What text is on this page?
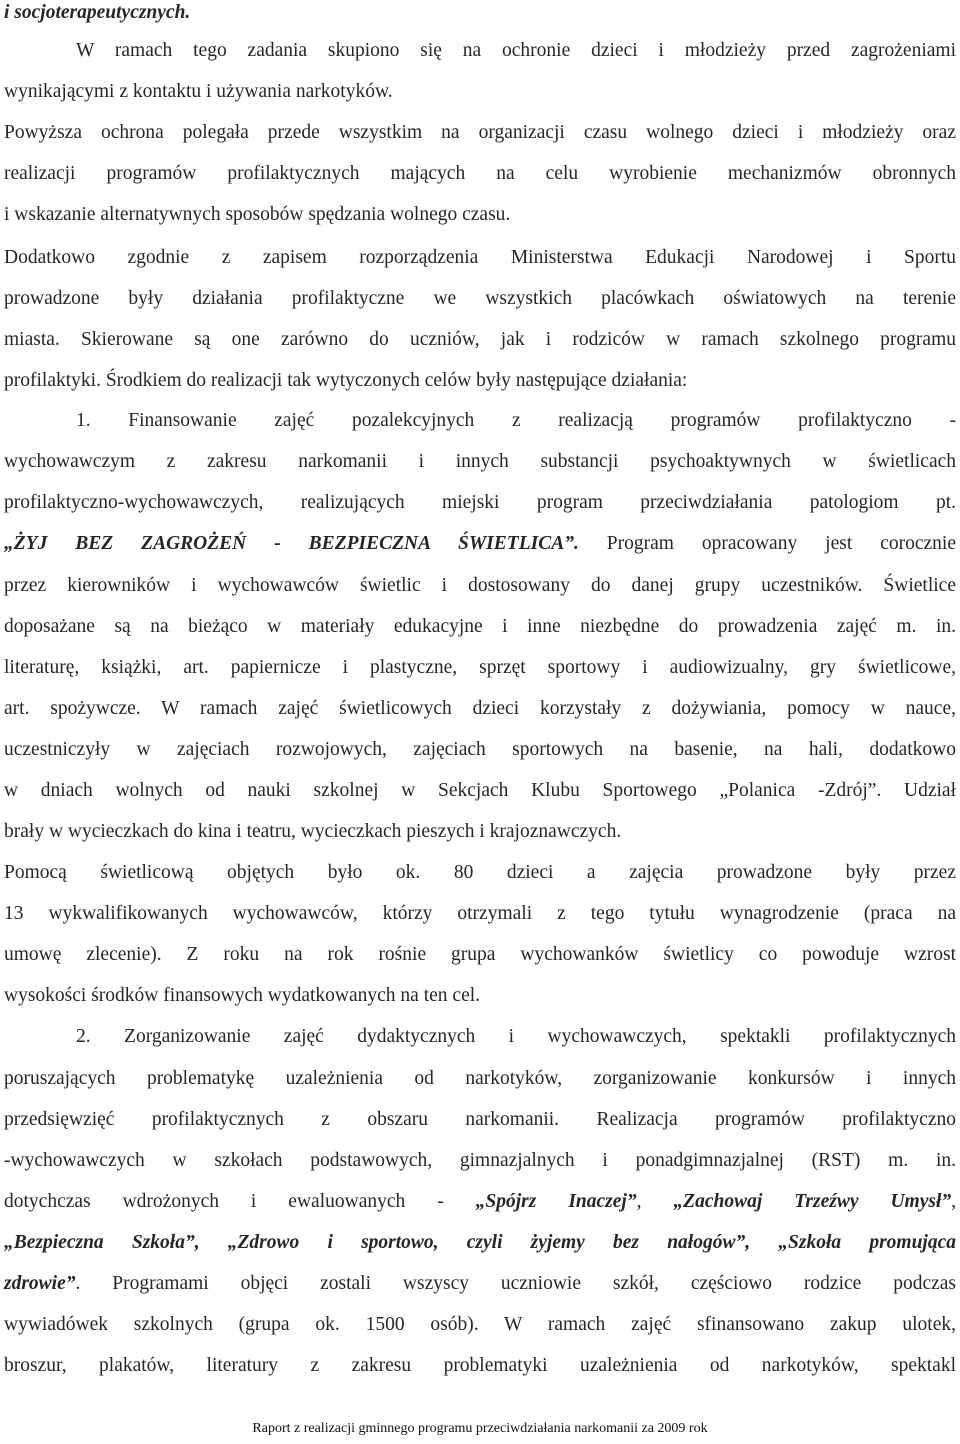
i socjoterapeutycznych.
W ramach tego zadania skupiono się na ochronie dzieci i młodzieży przed zagrożeniami
wynikającymi z kontaktu i używania narkotyków.
Powyższa ochrona polegała przede wszystkim na organizacji czasu wolnego dzieci i młodzieży oraz
realizacji programów profilaktycznych mających na celu wyrobienie mechanizmów obronnych
i wskazanie alternatywnych sposobów spędzania wolnego czasu.
Dodatkowo zgodnie z zapisem rozporządzenia Ministerstwa Edukacji Narodowej i Sportu
prowadzone były działania profilaktyczne we wszystkich placówkach oświatowych na terenie
miasta. Skierowane są one zarówno do uczniów, jak i rodziców w ramach szkolnego programu
profilaktyki. Środkiem do realizacji tak wytyczonych celów były następujące działania:
1. Finansowanie zajęć pozalekcyjnych z realizacją programów profilaktyczno -
wychowawczym z zakresu narkomanii i innych substancji psychoaktywnych w świetlicach
profilaktyczno-wychowawczych, realizujących miejski program przeciwdziałania patologiom pt.
„ŻYJ BEZ ZAGROŻEŃ - BEZPIECZNA ŚWIETLICA”. Program opracowany jest corocznie
przez kierowników i wychowawców świetlic i dostosowany do danej grupy uczestników. Świetlice
doposażane są na bieżąco w materiały edukacyjne i inne niezbędne do prowadzenia zajęć m. in.
literaturę, książki, art. papiernicze i plastyczne, sprzęt sportowy i audiowizualny, gry świetlicowe,
art. spożywcze. W ramach zajęć świetlicowych dzieci korzystały z dożywiania, pomocy w nauce,
uczestniczyły w zajęciach rozwojowych, zajęciach sportowych na basenie, na hali, dodatkowo
w dniach wolnych od nauki szkolnej w Sekcjach Klubu Sportowego „Polanica -Zdrój”. Udział
brały w wycieczkach do kina i teatru, wycieczkach pieszych i krajoznawczych.
Pomocą świetlicową objętych było ok. 80 dzieci a zajęcia prowadzone były przez
13 wykwalifikowanych wychowawców, którzy otrzymali z tego tytułu wynagrodzenie (praca na
umowę zlecenie). Z roku na rok rośnie grupa wychowanków świetlicy co powoduje wzrost
wysokości środków finansowych wydatkowanych na ten cel.
2. Zorganizowanie zajęć dydaktycznych i wychowawczych, spektakli profilaktycznych
poruszających problematykę uzależnienia od narkotyków, zorganizowanie konkursów i innych
przedsięwzięć profilaktycznych z obszaru narkomanii. Realizacja programów profilaktyczno
-wychowawczych w szkołach podstawowych, gimnazjalnych i ponadgimnazjalnej (RST) m. in.
dotychczas wdrożonych i ewaluowanych - „Spójrz Inaczej”, „Zachowaj Trzeźwy Umysł”,
„Bezpieczna Szkoła”, „Zdrowo i sportowo, czyli żyjemy bez nałogów”, „Szkoła promująca
zdrowie”. Programami objęci zostali wszyscy uczniowie szkół, częściowo rodzice podczas
wywiadówek szkolnych (grupa ok. 1500 osób). W ramach zajęć sfinansowano zakup ulotek,
broszur, plakatów, literatury z zakresu problematyki uzależnienia od narkotyków, spektakl
Raport z realizacji gminnego programu przeciwdziałania narkomanii za 2009 rok
